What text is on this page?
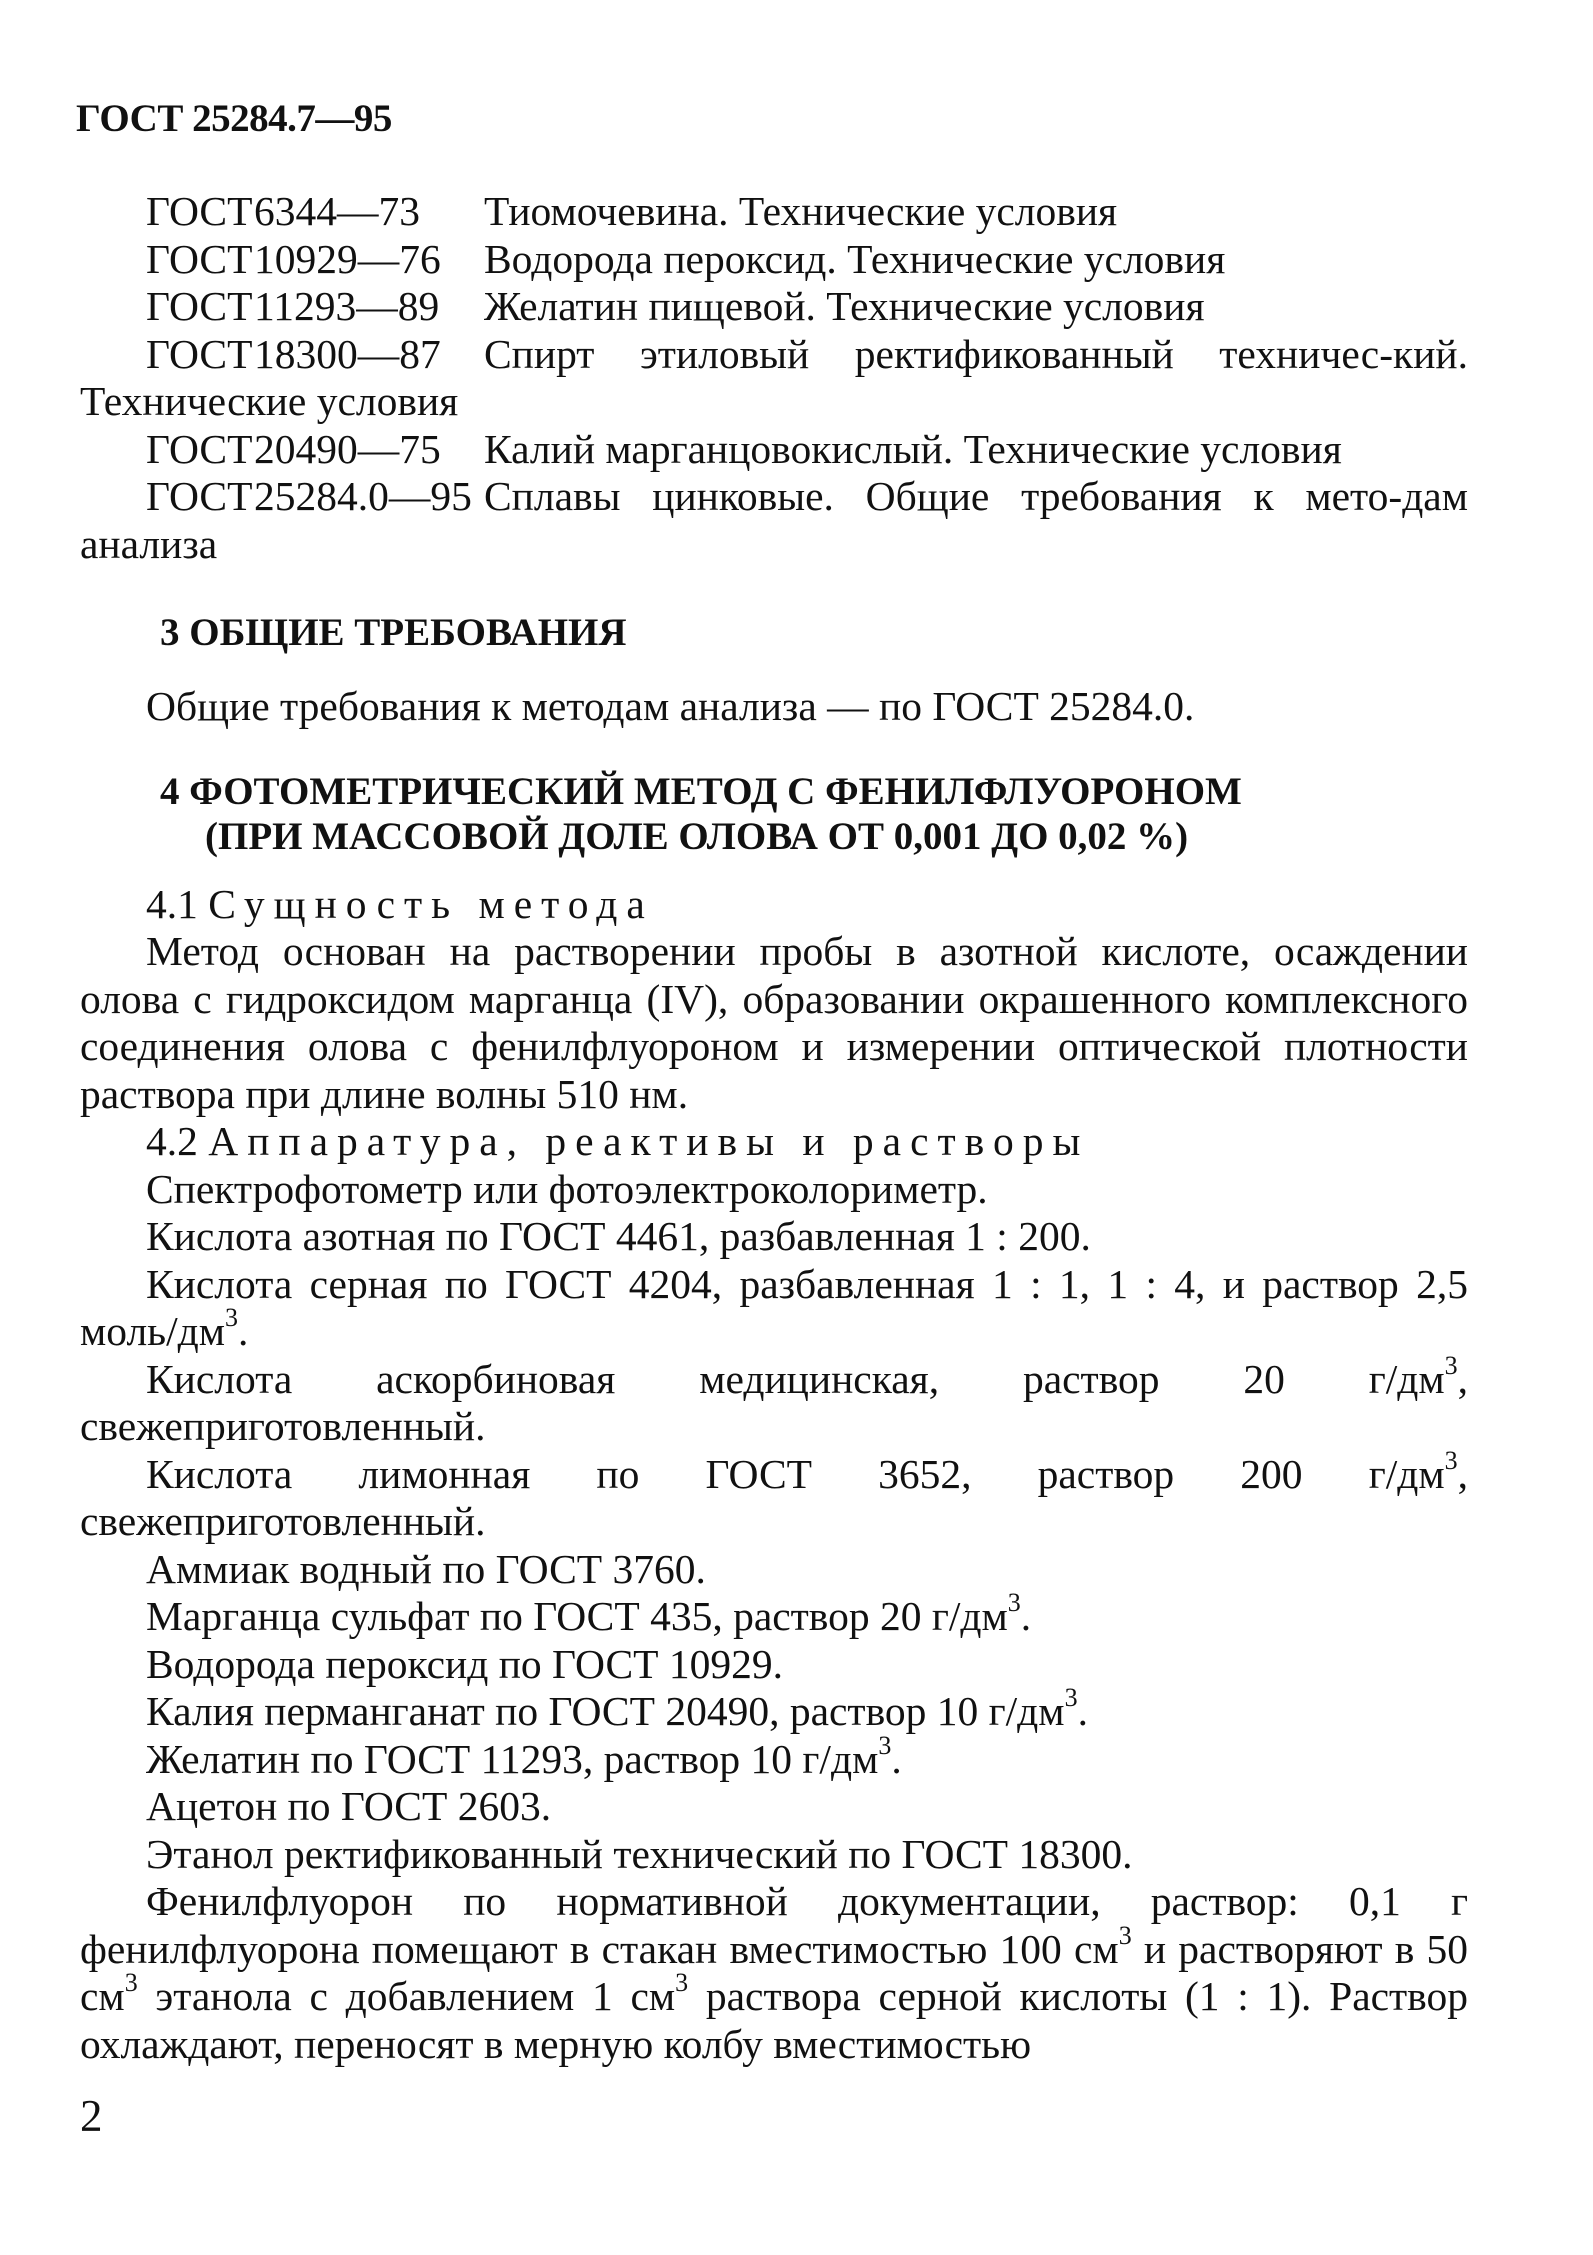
ГОСТ 25284.7—95

ГОСТ6344—73 Тиомочевина. Технические условия

ГОСТ10929—76 Водорода пероксид. Технические условия

ГОСТ11293—89 Желатин пищевой. Технические условия

ГОСТ18300—87 Спирт этиловый ректификованный техничес-кий. Технические условия

ГОСТ20490—75 Калий марганцовокислый. Технические условия

ГОСТ25284.0—95 Сплавы цинковые. Общие требования к мето-дам анализа

3 ОБЩИЕ ТРЕБОВАНИЯ

Общие требования к методам анализа — по ГОСТ 25284.0.

4 ФОТОМЕТРИЧЕСКИЙ МЕТОД С ФЕНИЛФЛУОРОНОМ
(ПРИ МАССОВОЙ ДОЛЕ ОЛОВА ОТ 0,001 ДО 0,02 %)

4.1 Сущность метода

Метод основан на растворении пробы в азотной кислоте, осаждении олова с гидроксидом марганца (IV), образовании окрашенного комплексного соединения олова с фенилфлуороном и измерении оптической плотности раствора при длине волны 510 нм.

4.2 Аппаратура, реактивы и растворы

Спектрофотометр или фотоэлектроколориметр.

Кислота азотная по ГОСТ 4461, разбавленная 1 : 200.

Кислота серная по ГОСТ 4204, разбавленная 1 : 1, 1 : 4, и раствор 2,5 моль/$дм^3$.

Кислота аскорбиновая медицинская, раствор 20 $г/дм^3$, свежеприготовленный.

Кислота лимонная по ГОСТ 3652, раствор 200 $г/дм^3$, свежеприготовленный.

Аммиак водный по ГОСТ 3760.

Марганца сульфат по ГОСТ 435, раствор 20 $г/дм^3$.

Водорода пероксид по ГОСТ 10929.

Калия перманганат по ГОСТ 20490, раствор 10 $г/дм^3$.

Желатин по ГОСТ 11293, раствор 10 $г/дм^3$.

Ацетон по ГОСТ 2603.

Этанол ректификованный технический по ГОСТ 18300.

Фенилфлуорон по нормативной документации, раствор: 0,1 г фенилфлуорона помещают в стакан вместимостью 100 $см^3$ и растворяют в 50 $см^3$ этанола с добавлением 1 $см^3$ раствора серной кислоты (1 : 1). Раствор охлаждают, переносят в мерную колбу вместимостью

2
